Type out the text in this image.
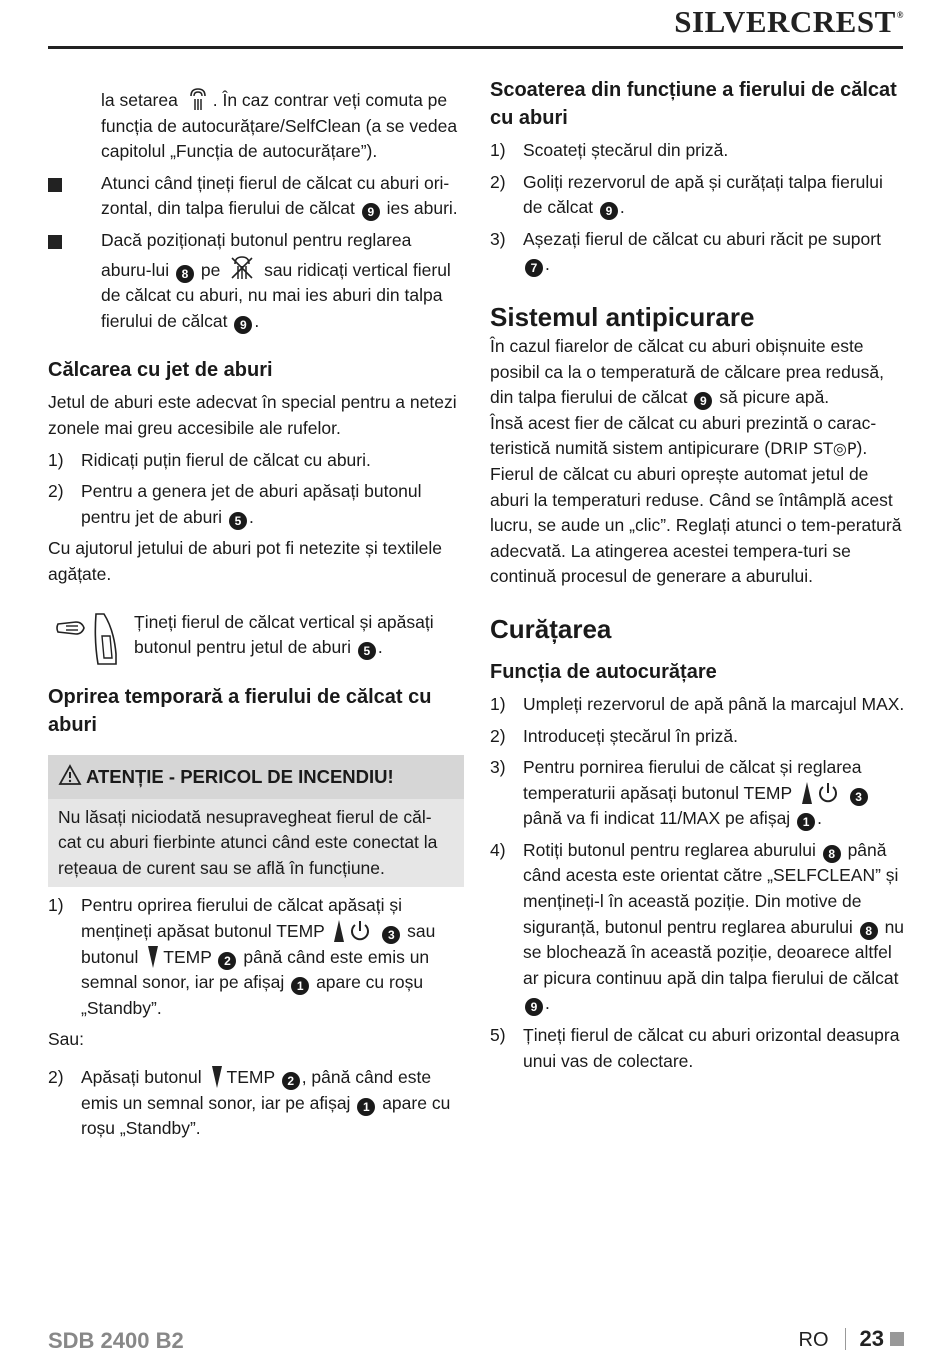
SILVERCREST®

la setarea . În caz contrar veți comuta pe funcția de autocurățare/SelfClean (a se vedea capitolul „Funcția de autocurățare”).

Atunci când țineți fierul de călcat cu aburi ori-zontal, din talpa fierului de călcat 9 ies aburi.

Dacă poziționați butonul pentru reglarea aburu-lui 8 pe	sau ridicați vertical fierul de călcat cu aburi, nu mai ies aburi din talpa fierului de călcat 9 .

Călcarea cu jet de aburi

Jetul de aburi este adecvat în special pentru a netezi zonele mai greu accesibile ale rufelor.

1) Ridicați puțin fierul de călcat cu aburi.

2) Pentru a genera jet de aburi apăsați butonul pentru jet de aburi 5 .

Cu ajutorul jetului de aburi pot fi netezite și textilele agățate.

Țineți fierul de călcat vertical și apăsați butonul pentru jetul de aburi 5 .

Oprirea temporară a fierului de călcat cu aburi
ATENȚIE - PERICOL DE INCENDIU!
Nu lăsați niciodată nesupravegheat fierul de căl-cat cu aburi fierbinte atunci când este conectat la rețeaua de curent sau se află în funcțiune.

1) Pentru oprirea fierului de călcat apăsați și mențineți apăsat butonul TEMP	3 sau butonul TEMP 2 până când este emis un semnal sonor, iar pe afișaj 1 apare cu roșu „Standby”.

Sau:

2) Apăsați butonul TEMP 2 , până când este emis un semnal sonor, iar pe afișaj 1 apare cu roșu „Standby”.

Scoaterea din funcțiune a fierului de călcat cu aburi

1) Scoateți ștecărul din priză.

2) Goliți rezervorul de apă și curățați talpa fierului de călcat 9 .

3) Așezați fierul de călcat cu aburi răcit pe suport 7 .

Sistemul antipicurare

În cazul fiarelor de călcat cu aburi obișnuite este posibil ca la o temperatură de călcare prea redusă, din talpa fierului de călcat 9 să picure apă.

Însă acest fier de călcat cu aburi prezintă o carac-teristică numită sistem antipicurare (DRIP ST◎P). Fierul de călcat cu aburi oprește automat jetul de aburi la temperaturi reduse. Când se întâmplă acest lucru, se aude un „clic”. Reglați atunci o tem-peratură adecvată. La atingerea acestei tempera-turi se continuă procesul de generare a aburului.

Curățarea
Funcția de autocurățare

1) Umpleți rezervorul de apă până la marcajul MAX.

2) Introduceți ștecărul în priză.

3) Pentru pornirea fierului de călcat și reglarea temperaturii apăsați butonul TEMP	3 până va fi indicat 11/MAX pe afișaj 1 .

4) Rotiți butonul pentru reglarea aburului 8 până când acesta este orientat către „SELFCLEAN” și mențineți-l în această poziție. Din motive de siguranță, butonul pentru reglarea aburului 8 nu se blochează în această poziție, deoarece altfel ar picura continuu apă din talpa fierului de călcat 9 .

5) Țineți fierul de călcat cu aburi orizontal deasupra unui vas de colectare.

SDB 2400 B2	RO 23
